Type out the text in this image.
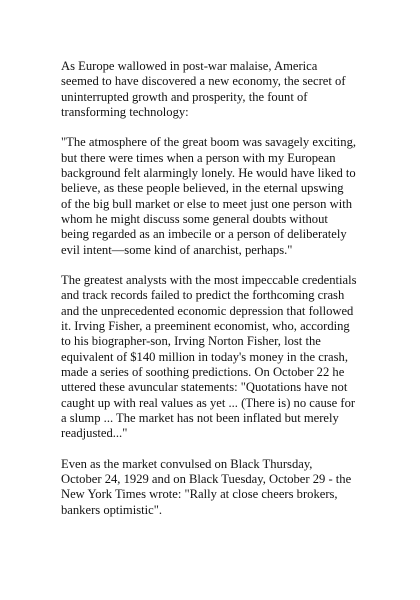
As Europe wallowed in post-war malaise, America
seemed to have discovered a new economy, the secret of
uninterrupted growth and prosperity, the fount of
transforming technology:

"The atmosphere of the great boom was savagely exciting,
but there were times when a person with my European
background felt alarmingly lonely. He would have liked to
believe, as these people believed, in the eternal upswing
of the big bull market or else to meet just one person with
whom he might discuss some general doubts without
being regarded as an imbecile or a person of deliberately
evil intent—some kind of anarchist, perhaps."

The greatest analysts with the most impeccable credentials
and track records failed to predict the forthcoming crash
and the unprecedented economic depression that followed
it. Irving Fisher, a preeminent economist, who, according
to his biographer-son, Irving Norton Fisher, lost the
equivalent of $140 million in today's money in the crash,
made a series of soothing predictions. On October 22 he
uttered these avuncular statements: "Quotations have not
caught up with real values as yet ... (There is) no cause for
a slump ... The market has not been inflated but merely
readjusted..."

Even as the market convulsed on Black Thursday,
October 24, 1929 and on Black Tuesday, October 29 - the
New York Times wrote: "Rally at close cheers brokers,
bankers optimistic".
